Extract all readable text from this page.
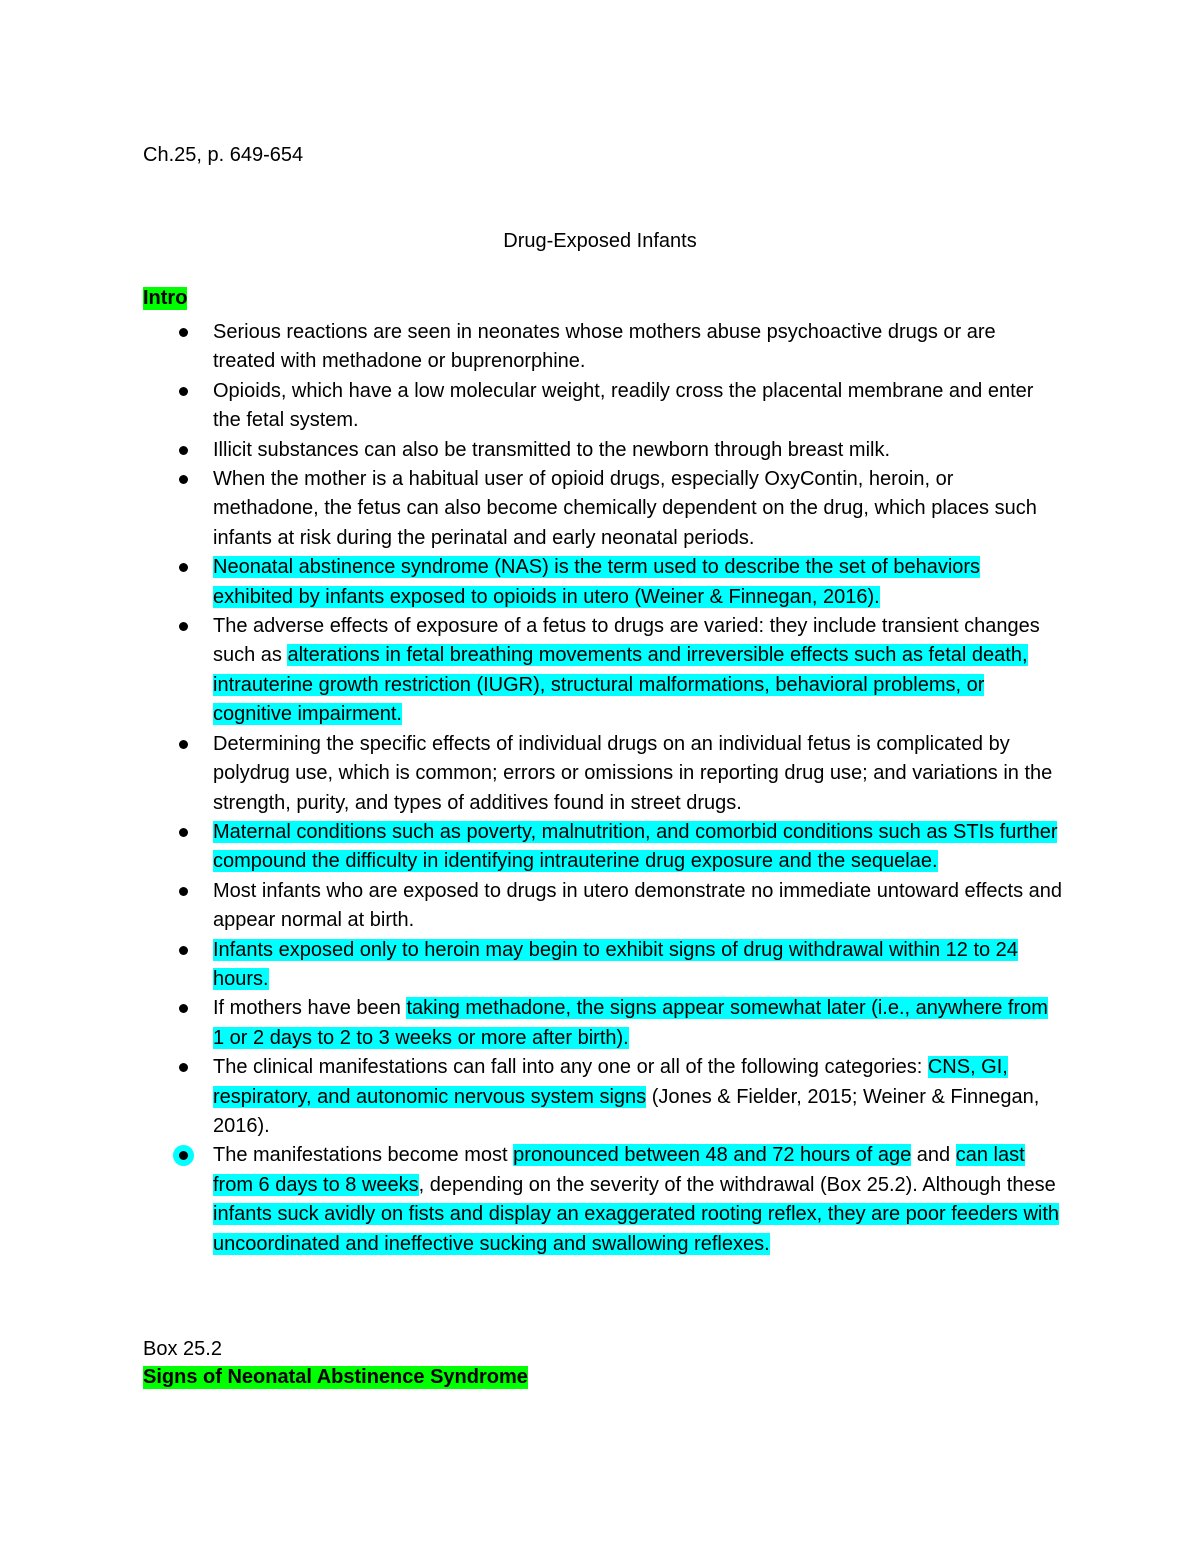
Ch.25, p. 649-654
Drug-Exposed Infants
Intro
Serious reactions are seen in neonates whose mothers abuse psychoactive drugs or are treated with methadone or buprenorphine.
Opioids, which have a low molecular weight, readily cross the placental membrane and enter the fetal system.
Illicit substances can also be transmitted to the newborn through breast milk.
When the mother is a habitual user of opioid drugs, especially OxyContin, heroin, or methadone, the fetus can also become chemically dependent on the drug, which places such infants at risk during the perinatal and early neonatal periods.
Neonatal abstinence syndrome (NAS) is the term used to describe the set of behaviors exhibited by infants exposed to opioids in utero (Weiner & Finnegan, 2016).
The adverse effects of exposure of a fetus to drugs are varied: they include transient changes such as alterations in fetal breathing movements and irreversible effects such as fetal death, intrauterine growth restriction (IUGR), structural malformations, behavioral problems, or cognitive impairment.
Determining the specific effects of individual drugs on an individual fetus is complicated by polydrug use, which is common; errors or omissions in reporting drug use; and variations in the strength, purity, and types of additives found in street drugs.
Maternal conditions such as poverty, malnutrition, and comorbid conditions such as STIs further compound the difficulty in identifying intrauterine drug exposure and the sequelae.
Most infants who are exposed to drugs in utero demonstrate no immediate untoward effects and appear normal at birth.
Infants exposed only to heroin may begin to exhibit signs of drug withdrawal within 12 to 24 hours.
If mothers have been taking methadone, the signs appear somewhat later (i.e., anywhere from 1 or 2 days to 2 to 3 weeks or more after birth).
The clinical manifestations can fall into any one or all of the following categories: CNS, GI, respiratory, and autonomic nervous system signs (Jones & Fielder, 2015; Weiner & Finnegan, 2016).
The manifestations become most pronounced between 48 and 72 hours of age and can last from 6 days to 8 weeks, depending on the severity of the withdrawal (Box 25.2). Although these infants suck avidly on fists and display an exaggerated rooting reflex, they are poor feeders with uncoordinated and ineffective sucking and swallowing reflexes.
Box 25.2
Signs of Neonatal Abstinence Syndrome
